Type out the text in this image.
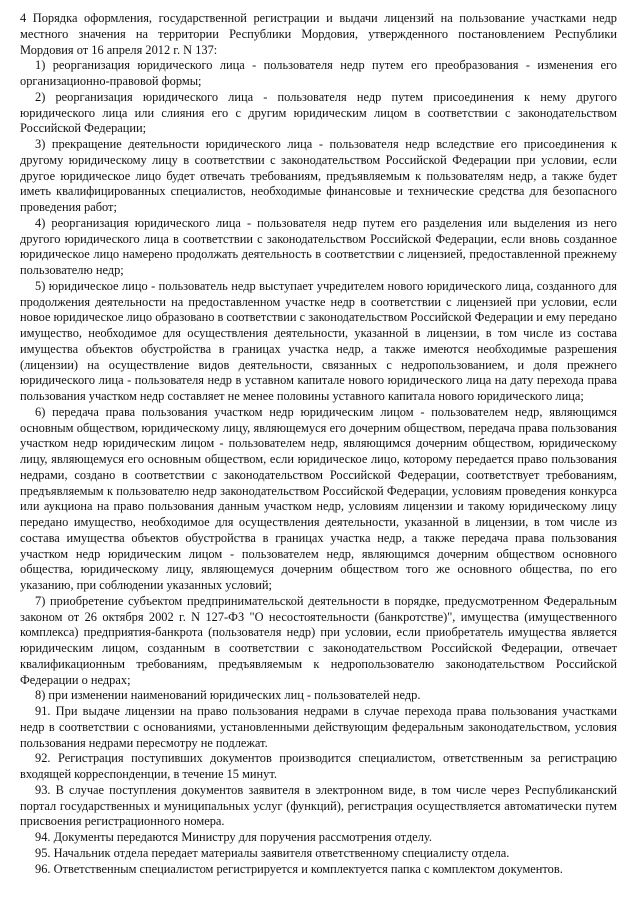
4 Порядка оформления, государственной регистрации и выдачи лицензий на пользование участками недр местного значения на территории Республики Мордовия, утвержденного постановлением Республики Мордовия от 16 апреля 2012 г. N 137:

1) реорганизация юридического лица - пользователя недр путем его преобразования - изменения его организационно-правовой формы;

2) реорганизация юридического лица - пользователя недр путем присоединения к нему другого юридического лица или слияния его с другим юридическим лицом в соответствии с законодательством Российской Федерации;

3) прекращение деятельности юридического лица - пользователя недр вследствие его присоединения к другому юридическому лицу в соответствии с законодательством Российской Федерации при условии, если другое юридическое лицо будет отвечать требованиям, предъявляемым к пользователям недр, а также будет иметь квалифицированных специалистов, необходимые финансовые и технические средства для безопасного проведения работ;

4) реорганизация юридического лица - пользователя недр путем его разделения или выделения из него другого юридического лица в соответствии с законодательством Российской Федерации, если вновь созданное юридическое лицо намерено продолжать деятельность в соответствии с лицензией, предоставленной прежнему пользователю недр;

5) юридическое лицо - пользователь недр выступает учредителем нового юридического лица, созданного для продолжения деятельности на предоставленном участке недр в соответствии с лицензией при условии, если новое юридическое лицо образовано в соответствии с законодательством Российской Федерации и ему передано имущество, необходимое для осуществления деятельности, указанной в лицензии, в том числе из состава имущества объектов обустройства в границах участка недр, а также имеются необходимые разрешения (лицензии) на осуществление видов деятельности, связанных с недропользованием, и доля прежнего юридического лица - пользователя недр в уставном капитале нового юридического лица на дату перехода права пользования участком недр составляет не менее половины уставного капитала нового юридического лица;

6) передача права пользования участком недр юридическим лицом - пользователем недр, являющимся основным обществом, юридическому лицу, являющемуся его дочерним обществом, передача права пользования участком недр юридическим лицом - пользователем недр, являющимся дочерним обществом, юридическому лицу, являющемуся его основным обществом, если юридическое лицо, которому передается право пользования недрами, создано в соответствии с законодательством Российской Федерации, соответствует требованиям, предъявляемым к пользователю недр законодательством Российской Федерации, условиям проведения конкурса или аукциона на право пользования данным участком недр, условиям лицензии и такому юридическому лицу передано имущество, необходимое для осуществления деятельности, указанной в лицензии, в том числе из состава имущества объектов обустройства в границах участка недр, а также передача права пользования участком недр юридическим лицом - пользователем недр, являющимся дочерним обществом основного общества, юридическому лицу, являющемуся дочерним обществом того же основного общества, по его указанию, при соблюдении указанных условий;

7) приобретение субъектом предпринимательской деятельности в порядке, предусмотренном Федеральным законом от 26 октября 2002 г. N 127-ФЗ "О несостоятельности (банкротстве)", имущества (имущественного комплекса) предприятия-банкрота (пользователя недр) при условии, если приобретатель имущества является юридическим лицом, созданным в соответствии с законодательством Российской Федерации, отвечает квалификационным требованиям, предъявляемым к недропользователю законодательством Российской Федерации о недрах;

8) при изменении наименований юридических лиц - пользователей недр.

91. При выдаче лицензии на право пользования недрами в случае перехода права пользования участками недр в соответствии с основаниями, установленными действующим федеральным законодательством, условия пользования недрами пересмотру не подлежат.

92. Регистрация поступивших документов производится специалистом, ответственным за регистрацию входящей корреспонденции, в течение 15 минут.

93. В случае поступления документов заявителя в электронном виде, в том числе через Республиканский портал государственных и муниципальных услуг (функций), регистрация осуществляется автоматически путем присвоения регистрационного номера.

94. Документы передаются Министру для поручения рассмотрения отделу.

95. Начальник отдела передает материалы заявителя ответственному специалисту отдела.

96. Ответственным специалистом регистрируется и комплектуется папка с комплектом документов.
